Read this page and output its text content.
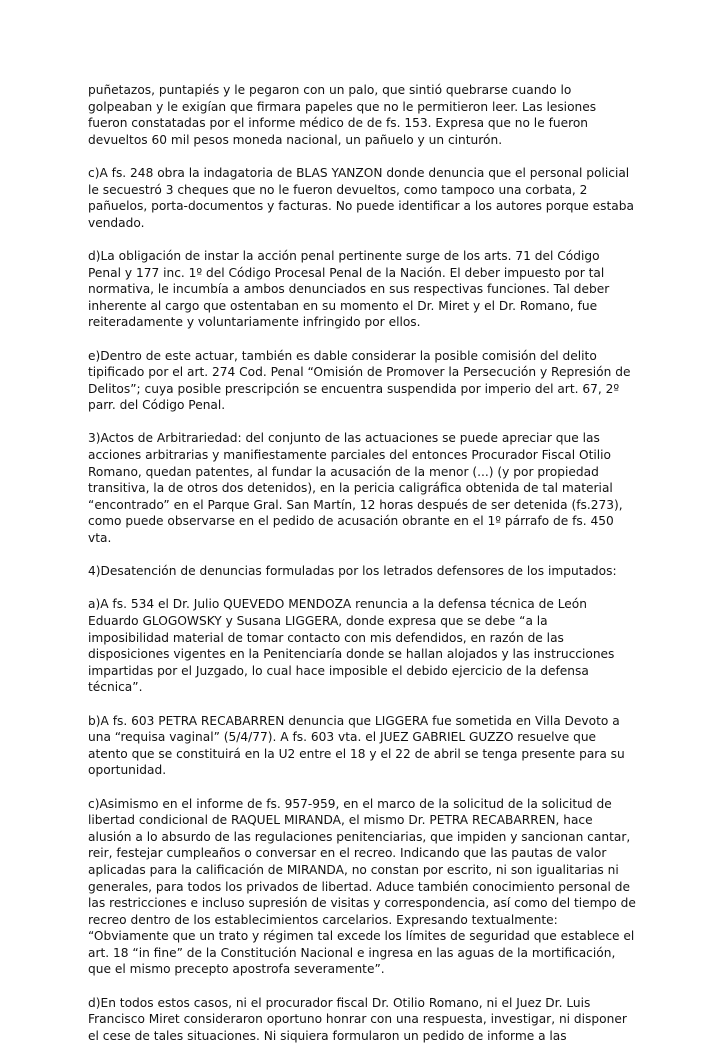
puñetazos, puntapiés y le pegaron con un palo, que sintió quebrarse cuando lo
golpeaban y le exigían que firmara papeles que no le permitieron leer. Las lesiones
fueron constatadas por el informe médico de de fs. 153. Expresa que no le fueron
devueltos 60 mil pesos moneda nacional, un pañuelo y un cinturón.

c)A fs. 248 obra la indagatoria de BLAS YANZON donde denuncia que el personal policial
le secuestró 3 cheques que no le fueron devueltos, como tampoco una corbata, 2
pañuelos, porta-documentos y facturas. No puede identificar a los autores porque estaba
vendado.

d)La obligación de instar la acción penal pertinente surge de los arts. 71 del Código
Penal y 177 inc. 1º del Código Procesal Penal de la Nación. El deber impuesto por tal
normativa, le incumbía a ambos denunciados en sus respectivas funciones. Tal deber
inherente al cargo que ostentaban en su momento el Dr. Miret y el Dr. Romano, fue
reiteradamente y voluntariamente infringido por ellos.

e)Dentro de este actuar, también es dable considerar la posible comisión del delito
tipificado por el art. 274 Cod. Penal “Omisión de Promover la Persecución y Represión de
Delitos”; cuya posible prescripción se encuentra suspendida por imperio del art. 67, 2º
parr. del Código Penal.

3)Actos de Arbitrariedad: del conjunto de las actuaciones se puede apreciar que las
acciones arbitrarias y manifiestamente parciales del entonces Procurador Fiscal Otilio
Romano, quedan patentes, al fundar la acusación de la menor (...) (y por propiedad
transitiva, la de otros dos detenidos), en la pericia caligráfica obtenida de tal material
“encontrado” en el Parque Gral. San Martín, 12 horas después de ser detenida (fs.273),
como puede observarse en el pedido de acusación obrante en el 1º párrafo de fs. 450
vta.

4)Desatención de denuncias formuladas por los letrados defensores de los imputados:

a)A fs. 534 el Dr. Julio QUEVEDO MENDOZA renuncia a la defensa técnica de León
Eduardo GLOGOWSKY y Susana LIGGERA, donde expresa que se debe “a la
imposibilidad material de tomar contacto con mis defendidos, en razón de las
disposiciones vigentes en la Penitenciaría donde se hallan alojados y las instrucciones
impartidas por el Juzgado, lo cual hace imposible el debido ejercicio de la defensa
técnica”.

b)A fs. 603 PETRA RECABARREN denuncia que LIGGERA fue sometida en Villa Devoto a
una “requisa vaginal” (5/4/77). A fs. 603 vta. el JUEZ GABRIEL GUZZO resuelve que
atento que se constituirá en la U2 entre el 18 y el 22 de abril se tenga presente para su
oportunidad.

c)Asimismo en el informe de fs. 957-959, en el marco de la solicitud de la solicitud de
libertad condicional de RAQUEL MIRANDA, el mismo Dr. PETRA RECABARREN, hace
alusión a lo absurdo de las regulaciones penitenciarias, que impiden y sancionan cantar,
reir, festejar cumpleaños o conversar en el recreo. Indicando que las pautas de valor
aplicadas para la calificación de MIRANDA, no constan por escrito, ni son igualitarias ni
generales, para todos los privados de libertad. Aduce también conocimiento personal de
las restricciones e incluso supresión de visitas y correspondencia, así como del tiempo de
recreo dentro de los establecimientos carcelarios. Expresando textualmente:
“Obviamente que un trato y régimen tal excede los límites de seguridad que establece el
art. 18 “in fine” de la Constitución Nacional e ingresa en las aguas de la mortificación,
que el mismo precepto apostrofa severamente”.

d)En todos estos casos, ni el procurador fiscal Dr. Otilio Romano, ni el Juez Dr. Luis
Francisco Miret consideraron oportuno honrar con una respuesta, investigar, ni disponer
el cese de tales situaciones. Ni siquiera formularon un pedido de informe a las
